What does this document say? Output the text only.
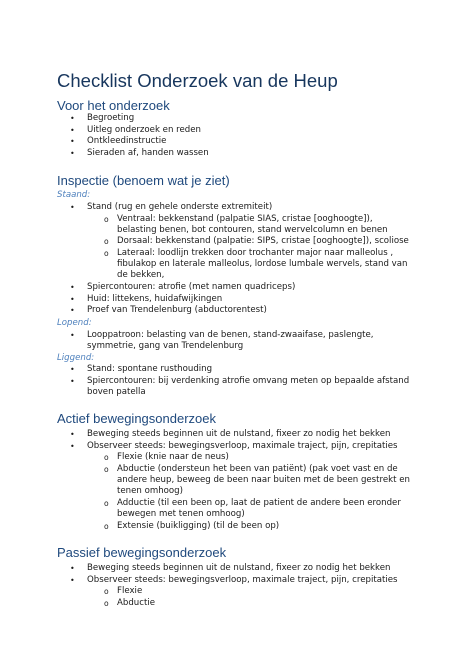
Checklist Onderzoek van de Heup
Voor het onderzoek
• Begroeting
• Uitleg onderzoek en reden
• Ontkleedinstructie
• Sieraden af, handen wassen
Inspectie (benoem wat je ziet)
Staand:
• Stand (rug en gehele onderste extremiteit)
o Ventraal: bekkenstand (palpatie SIAS, cristae [ooghoogte]),
belasting benen, bot contouren, stand wervelcolumn en benen
o Dorsaal: bekkenstand (palpatie: SIPS, cristae [ooghoogte]), scoliose
o Lateraal: loodlijn trekken door trochanter major naar malleolus ,
fibulakop en laterale malleolus, lordose lumbale wervels, stand van
de bekken,
• Spiercontouren: atrofie (met namen quadriceps)
• Huid: littekens, huidafwijkingen
• Proef van Trendelenburg (abductorentest)
Lopend:
• Looppatroon: belasting van de benen, stand-zwaaifase, paslengte,
symmetrie, gang van Trendelenburg
Liggend:
• Stand: spontane rusthouding
• Spiercontouren: bij verdenking atrofie omvang meten op bepaalde afstand
boven patella
Actief bewegingsonderzoek
• Beweging steeds beginnen uit de nulstand, fixeer zo nodig het bekken
• Observeer steeds: bewegingsverloop, maximale traject, pijn, crepitaties
o Flexie (knie naar de neus)
o Abductie (ondersteun het been van patiënt) (pak voet vast en de
andere heup, beweeg de been naar buiten met de been gestrekt en
tenen omhoog)
o Adductie (til een been op, laat de patient de andere been eronder
bewegen met tenen omhoog)
o Extensie (buikligging) (til de been op)
Passief bewegingsonderzoek
• Beweging steeds beginnen uit de nulstand, fixeer zo nodig het bekken
• Observeer steeds: bewegingsverloop, maximale traject, pijn, crepitaties
o Flexie
o Abductie
